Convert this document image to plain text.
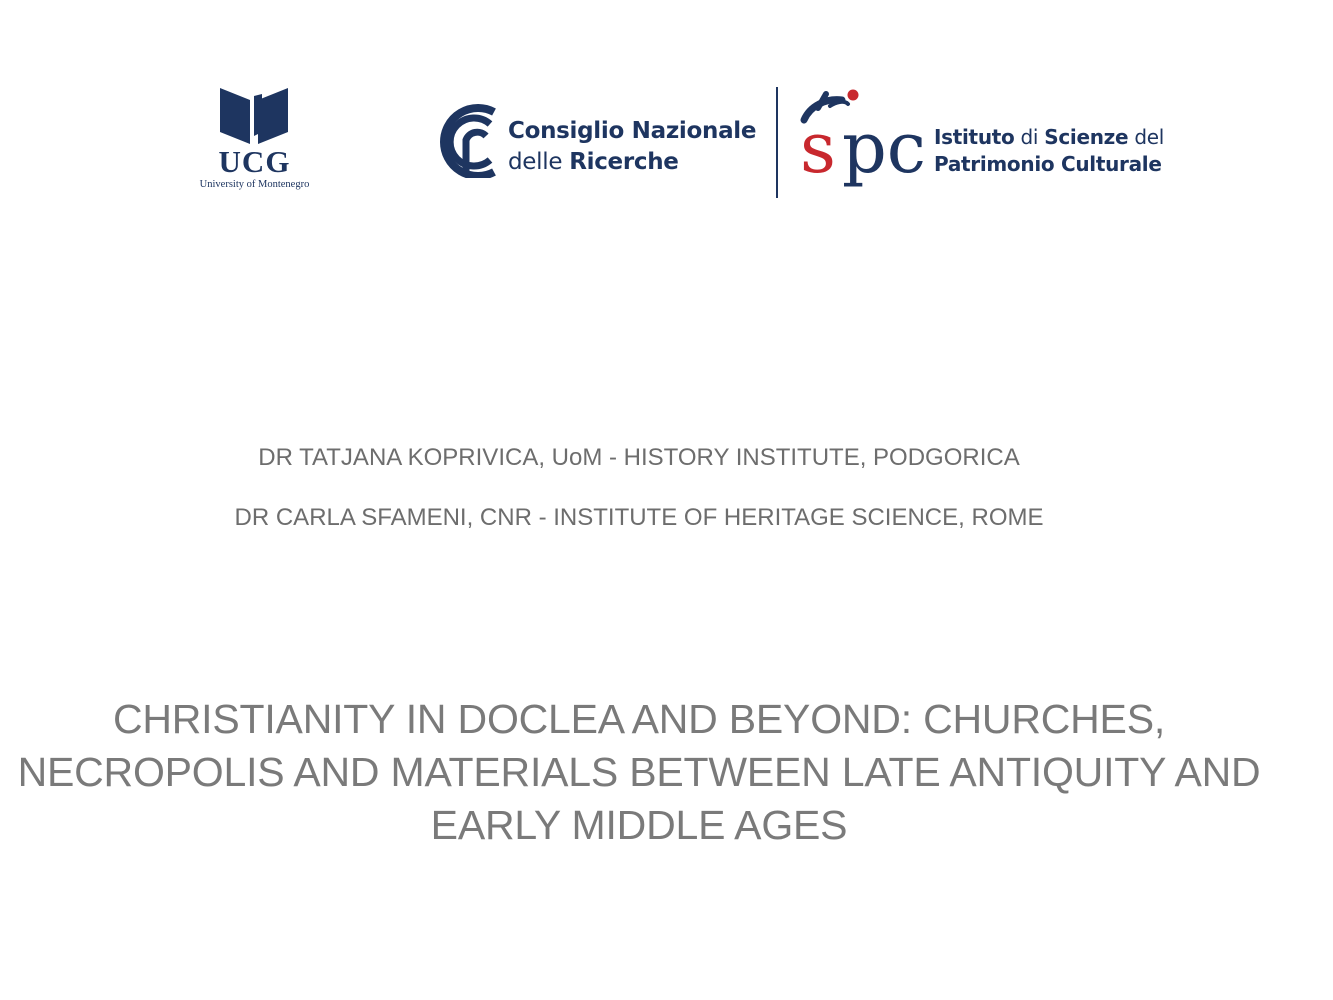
UCG
University of Montenegro
Consiglio Nazionale
delle Ricerche s pc Istituto di Scienze del
Patrimonio Culturale
DR TATJANA KOPRIVICA, UoM - HISTORY INSTITUTE, PODGORICA
DR CARLA SFAMENI, CNR - INSTITUTE OF HERITAGE SCIENCE, ROME
CHRISTIANITY IN DOCLEA AND BEYOND: CHURCHES,
NECROPOLIS AND MATERIALS BETWEEN LATE ANTIQUITY AND
EARLY MIDDLE AGES
